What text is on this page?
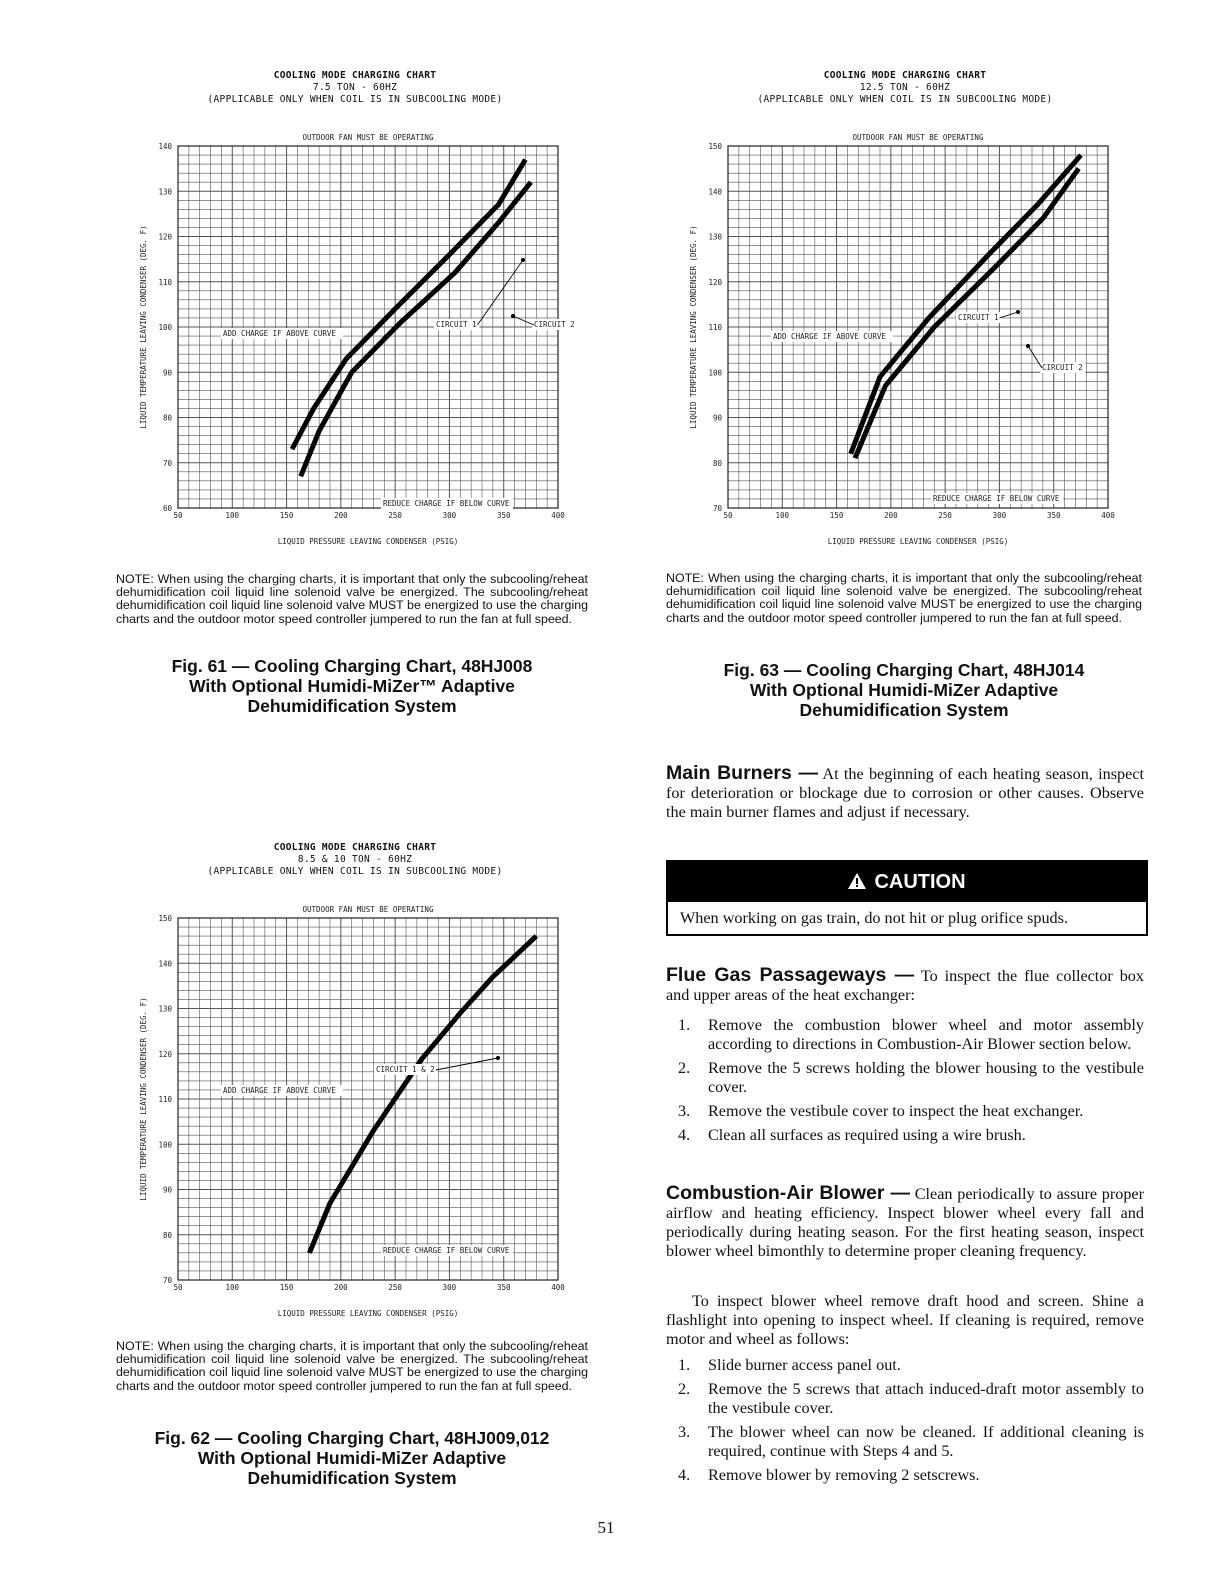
COOLING MODE CHARGING CHART
7.5 TON - 60HZ
(APPLICABLE ONLY WHEN COIL IS IN SUBCOOLING MODE)
OUTDOOR FAN MUST BE OPERATING
50	100	150	200	250	300	350	400
60
70
80
90
100
110
120
130
140
LIQUID PRESSURE LEAVING CONDENSER (PSIG)
LIQUID TEMPERATURE LEAVING CONDENSER (DEG. F)	ADD CHARGE IF ABOVE CURVE
REDUCE CHARGE IF BELOW CURVE
CIRCUIT 1	CIRCUIT 2
NOTE: When using the charging charts, it is important that only the subcooling/reheat dehumidification coil liquid line solenoid valve be energized. The subcooling/reheat dehumidification coil liquid line solenoid valve MUST be energized to use the charging charts and the outdoor motor speed controller jumpered to run the fan at full speed.
Fig. 61 — Cooling Charging Chart, 48HJ008
With Optional Humidi-MiZer™ Adaptive
Dehumidification System
COOLING MODE CHARGING CHART
8.5 & 10 TON - 60HZ
(APPLICABLE ONLY WHEN COIL IS IN SUBCOOLING MODE)
OUTDOOR FAN MUST BE OPERATING
50	100	150	200	250	300	350	400
70
80
90
100
110
120
130
140
150
LIQUID PRESSURE LEAVING CONDENSER (PSIG)
LIQUID TEMPERATURE LEAVING CONDENSER (DEG. F)	ADD CHARGE IF ABOVE CURVE
REDUCE CHARGE IF BELOW CURVE
CIRCUIT 1 & 2
NOTE: When using the charging charts, it is important that only the subcooling/reheat dehumidification coil liquid line solenoid valve be energized. The subcooling/reheat dehumidification coil liquid line solenoid valve MUST be energized to use the charging charts and the outdoor motor speed controller jumpered to run the fan at full speed.
Fig. 62 — Cooling Charging Chart, 48HJ009,012
With Optional Humidi-MiZer Adaptive
Dehumidification System
COOLING MODE CHARGING CHART
12.5 TON - 60HZ
(APPLICABLE ONLY WHEN COIL IS IN SUBCOOLING MODE)
OUTDOOR FAN MUST BE OPERATING
50	100	150	200	250	300	350	400
70
80
90
100
110
120
130
140
150
LIQUID PRESSURE LEAVING CONDENSER (PSIG)
LIQUID TEMPERATURE LEAVING CONDENSER (DEG. F)	ADD CHARGE IF ABOVE CURVE
REDUCE CHARGE IF BELOW CURVE
CIRCUIT 1
CIRCUIT 2
NOTE: When using the charging charts, it is important that only the subcooling/reheat dehumidification coil liquid line solenoid valve be energized. The subcooling/reheat dehumidification coil liquid line solenoid valve MUST be energized to use the charging charts and the outdoor motor speed controller jumpered to run the fan at full speed.
Fig. 63 — Cooling Charging Chart, 48HJ014
With Optional Humidi-MiZer Adaptive
Dehumidification System
Main Burners — At the beginning of each heating season, inspect for deterioration or blockage due to corrosion or other causes. Observe the main burner flames and adjust if necessary.
CAUTION
When working on gas train, do not hit or plug orifice spuds.
Flue Gas Passageways — To inspect the flue collector box and upper areas of the heat exchanger:
1. Remove the combustion blower wheel and motor assembly according to directions in Combustion-Air Blower section below.
2. Remove the 5 screws holding the blower housing to the vestibule cover.
3. Remove the vestibule cover to inspect the heat exchanger.
4. Clean all surfaces as required using a wire brush.
Combustion-Air Blower — Clean periodically to assure proper airflow and heating efficiency. Inspect blower wheel every fall and periodically during heating season. For the first heating season, inspect blower wheel bimonthly to determine proper cleaning frequency.
To inspect blower wheel remove draft hood and screen. Shine a flashlight into opening to inspect wheel. If cleaning is required, remove motor and wheel as follows:
1. Slide burner access panel out.
2. Remove the 5 screws that attach induced-draft motor assembly to the vestibule cover.
3. The blower wheel can now be cleaned. If additional cleaning is required, continue with Steps 4 and 5.
4. Remove blower by removing 2 setscrews.
51
